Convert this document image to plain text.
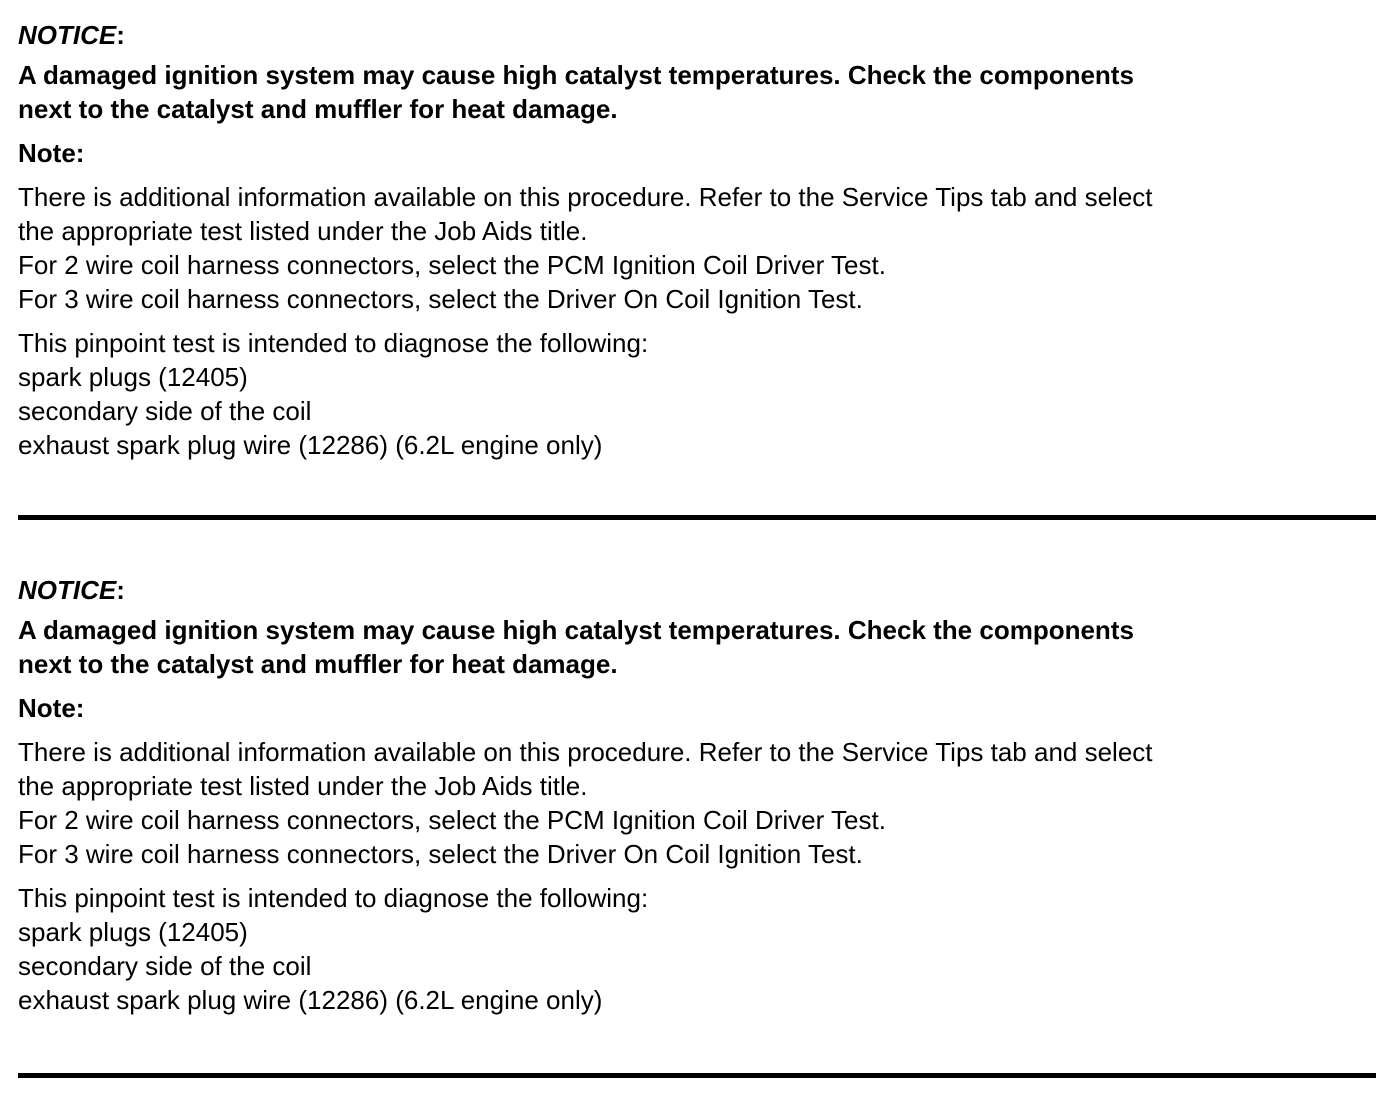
NOTICE:

A damaged ignition system may cause high catalyst temperatures. Check the components
next to the catalyst and muffler for heat damage.

Note:

There is additional information available on this procedure. Refer to the Service Tips tab and select
the appropriate test listed under the Job Aids title.
For 2 wire coil harness connectors, select the PCM Ignition Coil Driver Test.
For 3 wire coil harness connectors, select the Driver On Coil Ignition Test.
This pinpoint test is intended to diagnose the following:
spark plugs (12405)
secondary side of the coil
exhaust spark plug wire (12286) (6.2L engine only)

NOTICE:

A damaged ignition system may cause high catalyst temperatures. Check the components
next to the catalyst and muffler for heat damage.

Note:

There is additional information available on this procedure. Refer to the Service Tips tab and select
the appropriate test listed under the Job Aids title.
For 2 wire coil harness connectors, select the PCM Ignition Coil Driver Test.
For 3 wire coil harness connectors, select the Driver On Coil Ignition Test.
This pinpoint test is intended to diagnose the following:
spark plugs (12405)
secondary side of the coil
exhaust spark plug wire (12286) (6.2L engine only)
